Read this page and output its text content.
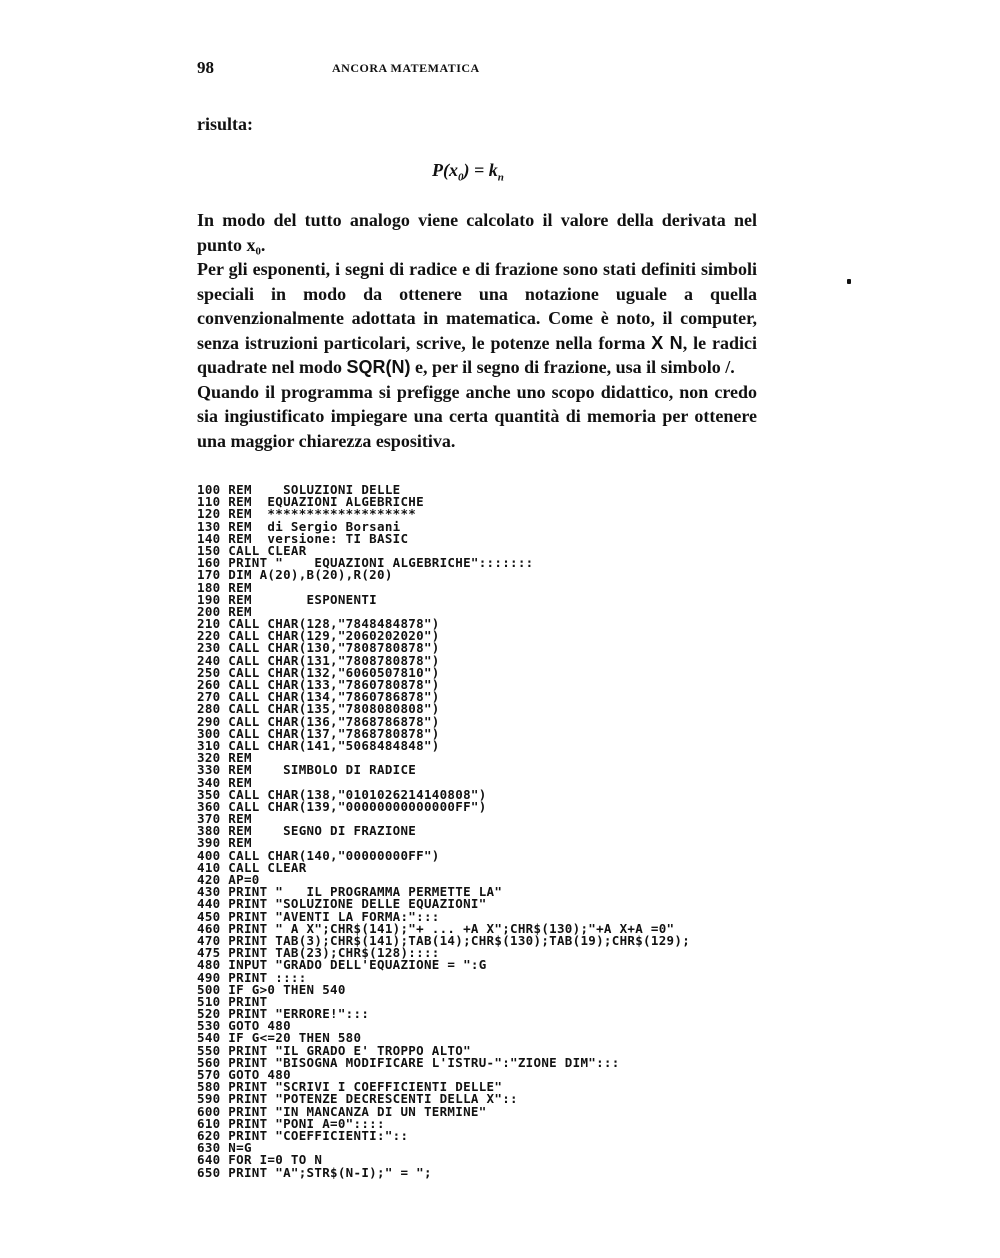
98	ANCORA MATEMATICA
risulta:
$P(x_0) = k_n$

In modo del tutto analogo viene calcolato il valore della derivata nel punto x₀.

Per gli esponenti, i segni di radice e di frazione sono stati definiti simboli speciali in modo da ottenere una notazione uguale a quella convenzionalmente adottata in matematica. Come è noto, il computer, senza istruzioni particolari, scrive, le potenze nella forma X N, le radici quadrate nel modo SQR(N) e, per il segno di frazione, usa il simbolo /.

Quando il programma si prefigge anche uno scopo didattico, non credo sia ingiustificato impiegare una certa quantità di memoria per ottenere una maggior chiarezza espositiva.

100 REM    SOLUZIONI DELLE
110 REM  EQUAZIONI ALGEBRICHE
120 REM  *******************
130 REM  di Sergio Borsani
140 REM  versione: TI BASIC
150 CALL CLEAR
160 PRINT "    EQUAZIONI ALGEBRICHE":::::::
170 DIM A(20),B(20),R(20)
180 REM
190 REM       ESPONENTI
200 REM
210 CALL CHAR(128,"7848484878")
220 CALL CHAR(129,"2060202020")
230 CALL CHAR(130,"7808780878")
240 CALL CHAR(131,"7808780878")
250 CALL CHAR(132,"6060507810")
260 CALL CHAR(133,"7860780878")
270 CALL CHAR(134,"7860786878")
280 CALL CHAR(135,"7808080808")
290 CALL CHAR(136,"7868786878")
300 CALL CHAR(137,"7868780878")
310 CALL CHAR(141,"5068484848")
320 REM
330 REM    SIMBOLO DI RADICE
340 REM
350 CALL CHAR(138,"0101026214140808")
360 CALL CHAR(139,"00000000000000FF")
370 REM
380 REM    SEGNO DI FRAZIONE
390 REM
400 CALL CHAR(140,"00000000FF")
410 CALL CLEAR
420 AP=0
430 PRINT "   IL PROGRAMMA PERMETTE LA"
440 PRINT "SOLUZIONE DELLE EQUAZIONI"
450 PRINT "AVENTI LA FORMA:":::
460 PRINT " A X";CHR$(141);"+ ... +A X";CHR$(130);"+A X+A =0"
470 PRINT TAB(3);CHR$(141);TAB(14);CHR$(130);TAB(19);CHR$(129);
475 PRINT TAB(23);CHR$(128)::::
480 INPUT "GRADO DELL'EQUAZIONE = ":G
490 PRINT ::::
500 IF G>0 THEN 540
510 PRINT
520 PRINT "ERRORE!":::
530 GOTO 480
540 IF G<=20 THEN 580
550 PRINT "IL GRADO E' TROPPO ALTO"
560 PRINT "BISOGNA MODIFICARE L'ISTRU-":"ZIONE DIM":::
570 GOTO 480
580 PRINT "SCRIVI I COEFFICIENTI DELLE"
590 PRINT "POTENZE DECRESCENTI DELLA X"::
600 PRINT "IN MANCANZA DI UN TERMINE"
610 PRINT "PONI A=0"::::
620 PRINT "COEFFICIENTI:"::
630 N=G
640 FOR I=0 TO N
650 PRINT "A";STR$(N-I);" = ";
